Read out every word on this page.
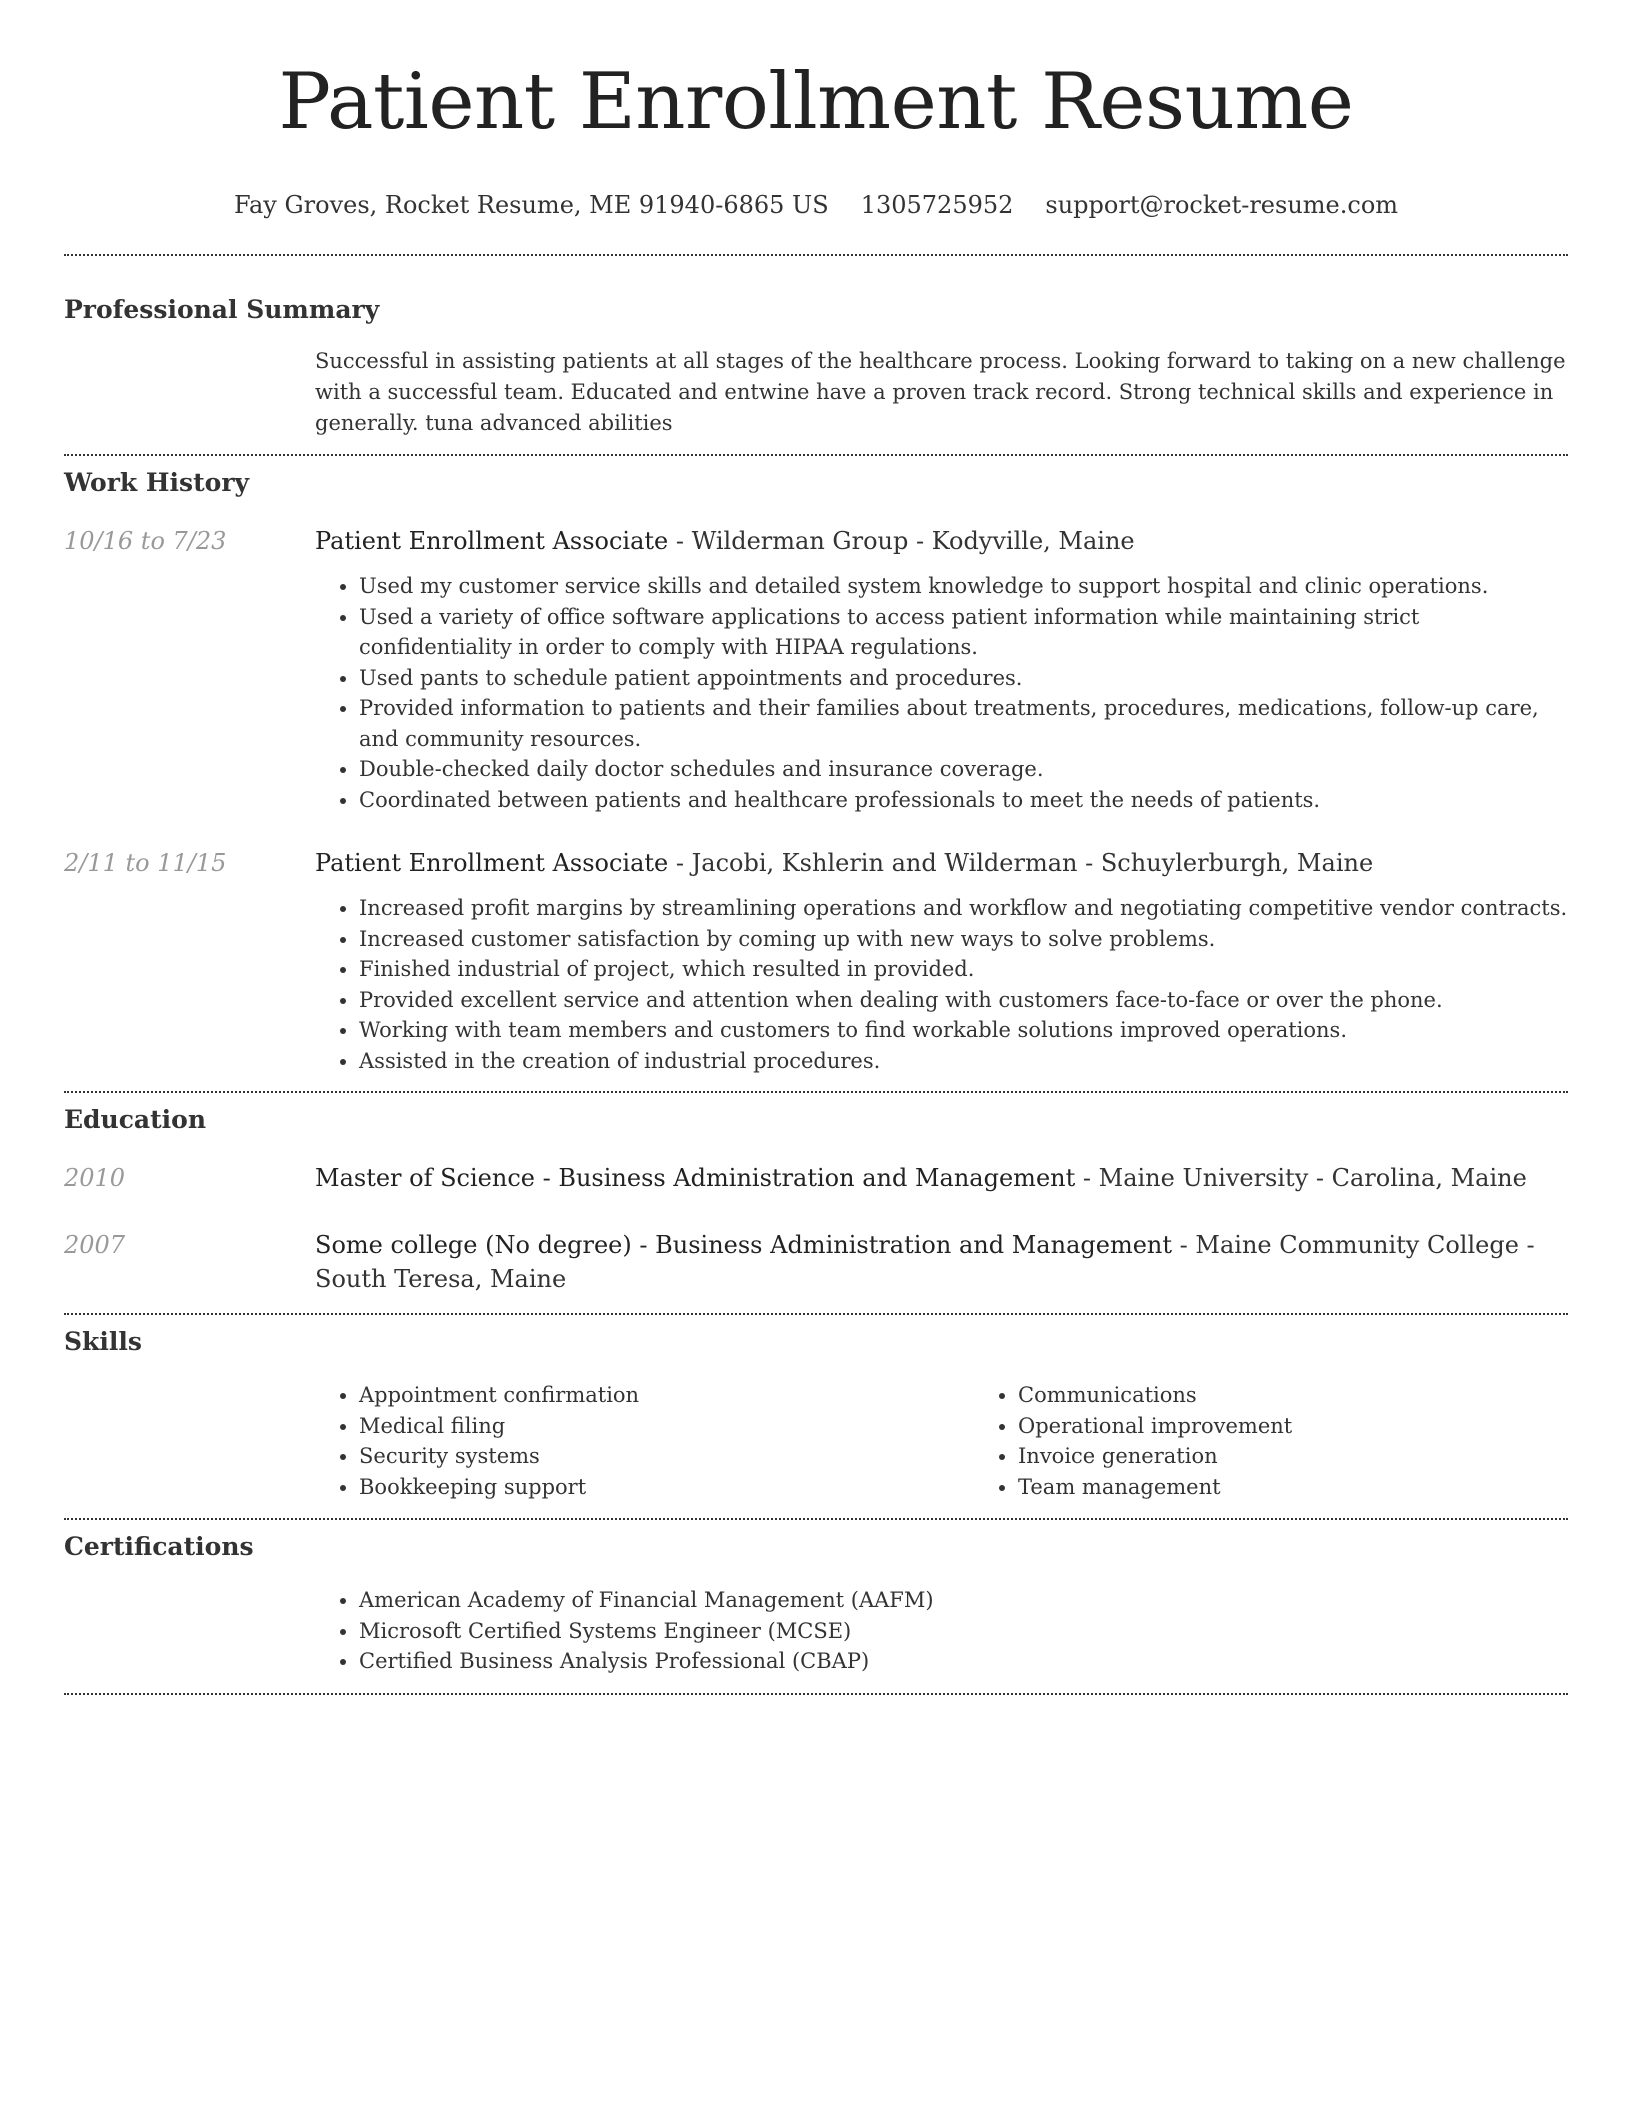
Patient Enrollment Resume
Fay Groves, Rocket Resume, ME 91940-6865 US 1305725952 support@rocket-resume.com
Professional Summary

Successful in assisting patients at all stages of the healthcare process. Looking forward to taking on a new challenge with a successful team. Educated and entwine have a proven track record. Strong technical skills and experience in generally. tuna advanced abilities

Work History
10/16 to 7/23	Patient Enrollment Associate - Wilderman Group - Kodyville, Maine

• Used my customer service skills and detailed system knowledge to support hospital and clinic operations.
• Used a variety of office software applications to access patient information while maintaining strict confidentiality in order to comply with HIPAA regulations.
• Used pants to schedule patient appointments and procedures.
• Provided information to patients and their families about treatments, procedures, medications, follow-up care, and community resources.
• Double-checked daily doctor schedules and insurance coverage.
• Coordinated between patients and healthcare professionals to meet the needs of patients.
2/11 to 11/15	Patient Enrollment Associate - Jacobi, Kshlerin and Wilderman - Schuylerburgh, Maine

• Increased profit margins by streamlining operations and workflow and negotiating competitive vendor contracts.
• Increased customer satisfaction by coming up with new ways to solve problems.
• Finished industrial of project, which resulted in provided.
• Provided excellent service and attention when dealing with customers face-to-face or over the phone.
• Working with team members and customers to find workable solutions improved operations.
• Assisted in the creation of industrial procedures.
Education
2010	Master of Science - Business Administration and Management - Maine University - Carolina, Maine

2007	Some college (No degree) - Business Administration and Management - Maine Community College - South Teresa, Maine

Skills
• Appointment confirmation
• Medical filing
• Security systems
• Bookkeeping support
• Communications
• Operational improvement
• Invoice generation
• Team management
Certifications
• American Academy of Financial Management (AAFM)
• Microsoft Certified Systems Engineer (MCSE)
• Certified Business Analysis Professional (CBAP)
